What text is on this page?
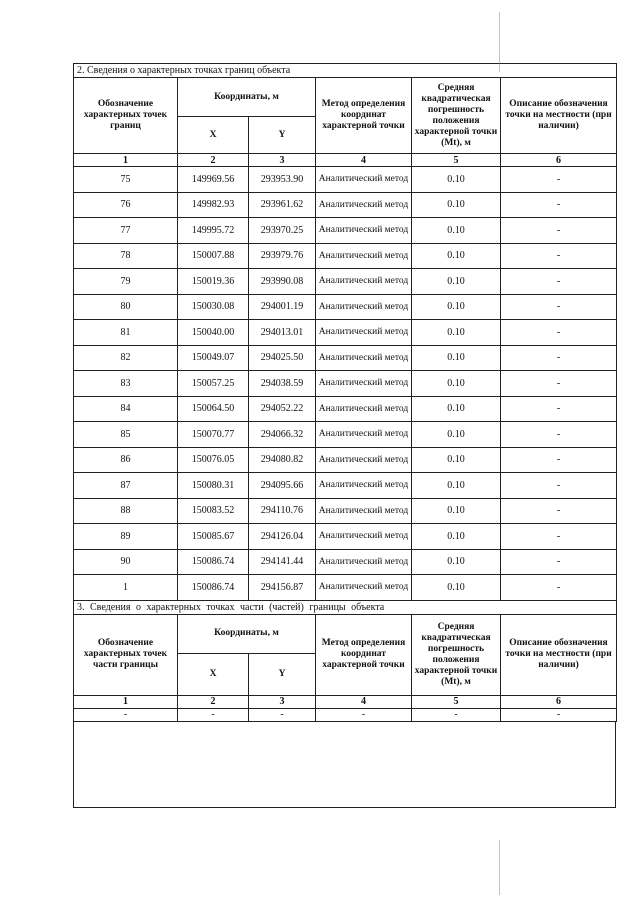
2. Сведения о характерных точках границ объекта					
Обозначение характерных точек границ	Координаты, м		Метод определения координат характерной точки	Средняя квадратическая погрешность положения характерной точки (Mt), м	Описание обозначения точки на местности (при наличии)
	X	Y			
1	2	3	4	5	6
75	149969.56	293953.90	Аналитический метод	0.10	-
76	149982.93	293961.62	Аналитический метод	0.10	-
77	149995.72	293970.25	Аналитический метод	0.10	-
78	150007.88	293979.76	Аналитический метод	0.10	-
79	150019.36	293990.08	Аналитический метод	0.10	-
80	150030.08	294001.19	Аналитический метод	0.10	-
81	150040.00	294013.01	Аналитический метод	0.10	-
82	150049.07	294025.50	Аналитический метод	0.10	-
83	150057.25	294038.59	Аналитический метод	0.10	-
84	150064.50	294052.22	Аналитический метод	0.10	-
85	150070.77	294066.32	Аналитический метод	0.10	-
86	150076.05	294080.82	Аналитический метод	0.10	-
87	150080.31	294095.66	Аналитический метод	0.10	-
88	150083.52	294110.76	Аналитический метод	0.10	-
89	150085.67	294126.04	Аналитический метод	0.10	-
90	150086.74	294141.44	Аналитический метод	0.10	-
1	150086.74	294156.87	Аналитический метод	0.10	-
3. Сведения о характерных точках части (частей) границы объекта					
Обозначение характерных точек части границы	Координаты, м		Метод определения координат характерной точки	Средняя квадратическая погрешность положения характерной точки (Mt), м	Описание обозначения точки на местности (при наличии)
	X	Y			
1	2	3	4	5	6
-	-	-	-	-	-
